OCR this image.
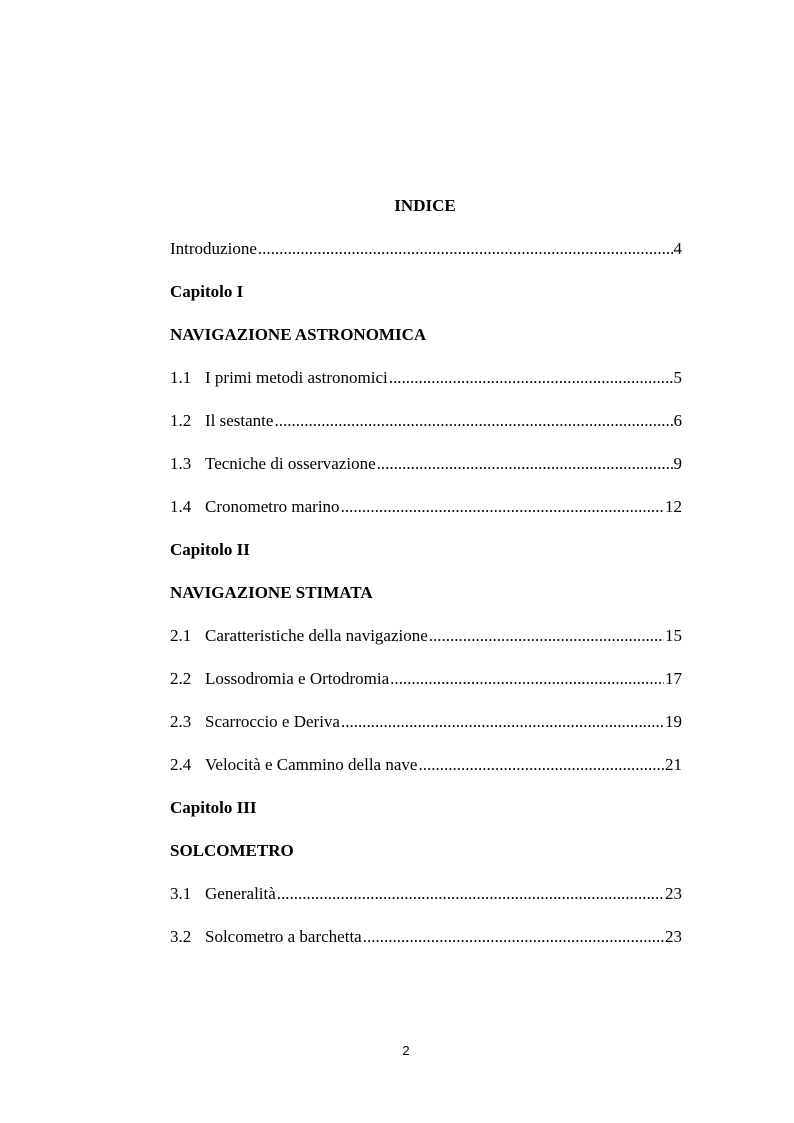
INDICE
Introduzione .....	4
Capitolo I
NAVIGAZIONE ASTRONOMICA
1.1 I primi metodi astronomici .....	5
1.2 Il sestante .....	6
1.3 Tecniche di osservazione .....	9
1.4 Cronometro marino .....	12
Capitolo II
NAVIGAZIONE STIMATA
2.1 Caratteristiche della navigazione .....	15
2.2 Lossodromia e Ortodromia .....	17
2.3 Scarroccio e Deriva .....	19
2.4 Velocità e Cammino della nave .....	21
Capitolo III
SOLCOMETRO
3.1 Generalità .....	23
3.2 Solcometro a barchetta .....	23
2
